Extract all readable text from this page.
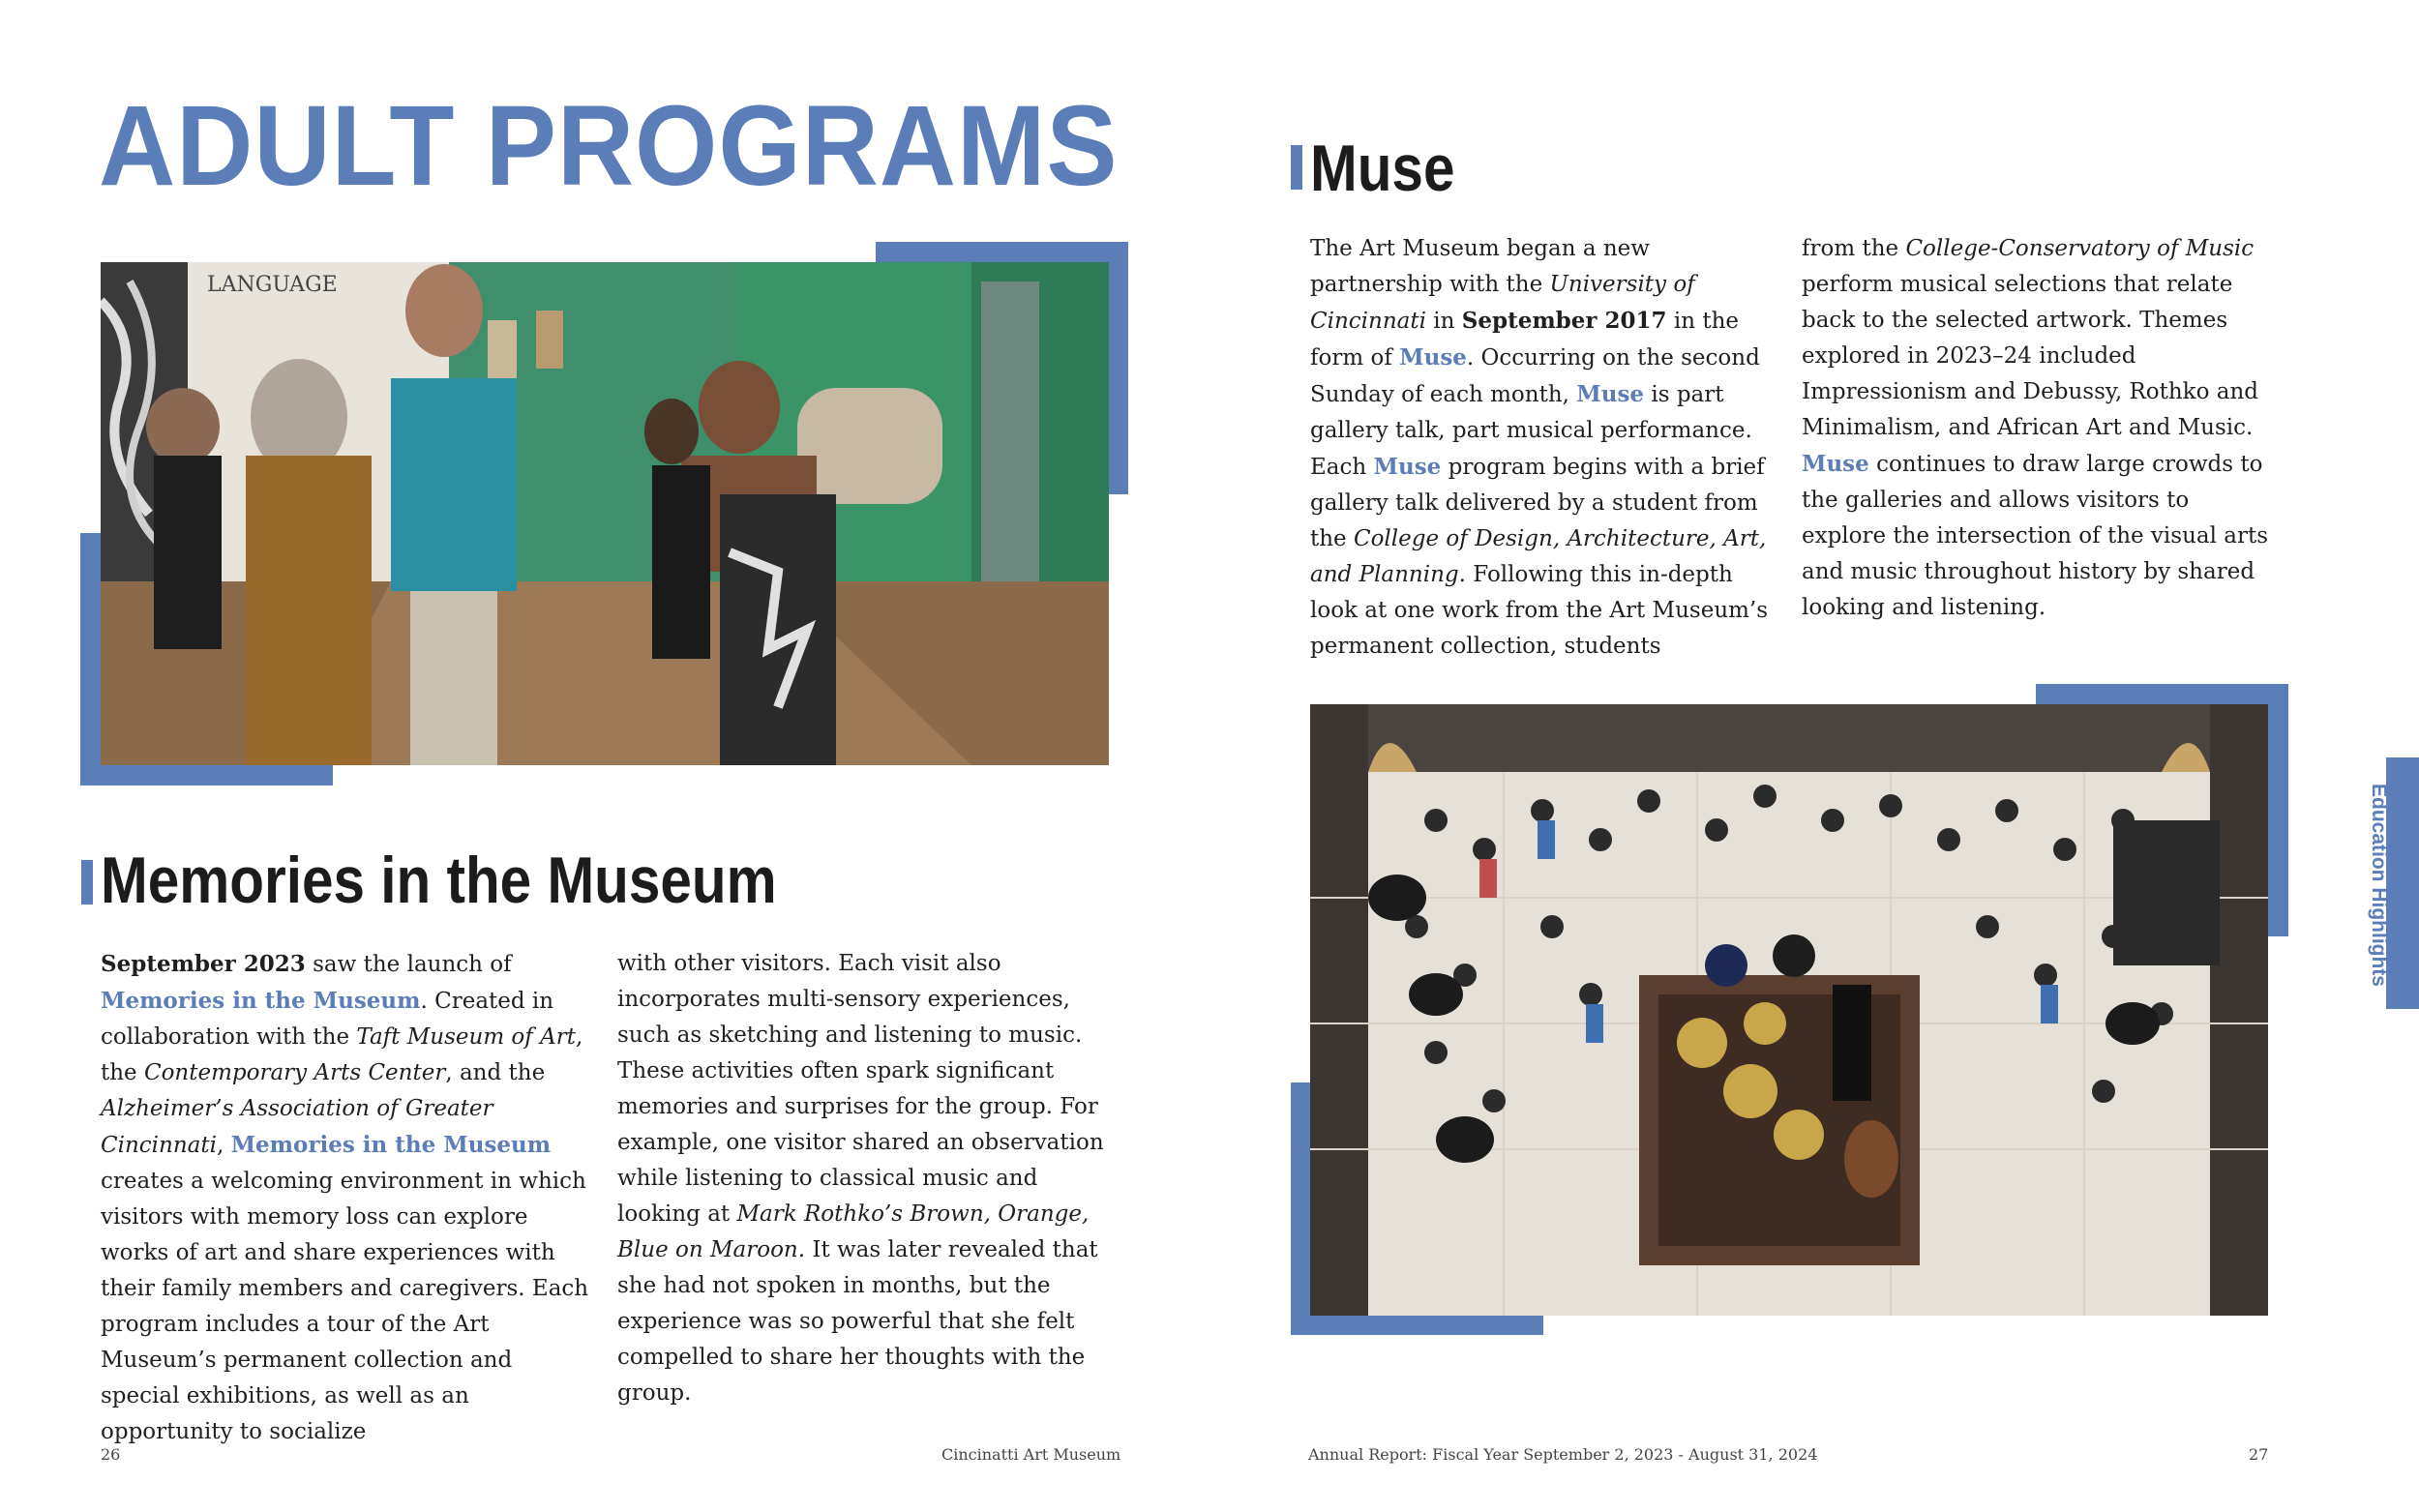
ADULT PROGRAMS
LANGUAGE
Memories in the Museum
September 2023 saw the launch of Memories in the Museum. Created in collaboration with the Taft Museum of Art, the Contemporary Arts Center, and the Alzheimer’s Association of Greater Cincinnati, Memories in the Museum creates a welcoming environment in which visitors with memory loss can explore works of art and share experiences with their family members and caregivers. Each program includes a tour of the Art Museum’s permanent collection and special exhibitions, as well as an opportunity to socialize
with other visitors. Each visit also incorporates multi-sensory experiences, such as sketching and listening to music. These activities often spark significant memories and surprises for the group. For example, one visitor shared an observation while listening to classical music and looking at Mark Rothko’s Brown, Orange, Blue on Maroon. It was later revealed that she had not spoken in months, but the experience was so powerful that she felt compelled to share her thoughts with the group.
Muse
The Art Museum began a new partnership with the University of Cincinnati in September 2017 in the form of Muse. Occurring on the second Sunday of each month, Muse is part gallery talk, part musical performance. Each Muse program begins with a brief gallery talk delivered by a student from the College of Design, Architecture, Art, and Planning. Following this in-depth look at one work from the Art Museum’s permanent collection, students
from the College-Conservatory of Music perform musical selections that relate back to the selected artwork. Themes explored in 2023–24 included Impressionism and Debussy, Rothko and Minimalism, and African Art and Music. Muse continues to draw large crowds to the galleries and allows visitors to explore the intersection of the visual arts and music throughout history by shared looking and listening.
Education Highlights
26	Cincinatti Art Museum	Annual Report: Fiscal Year September 2, 2023 - August 31, 2024	27
